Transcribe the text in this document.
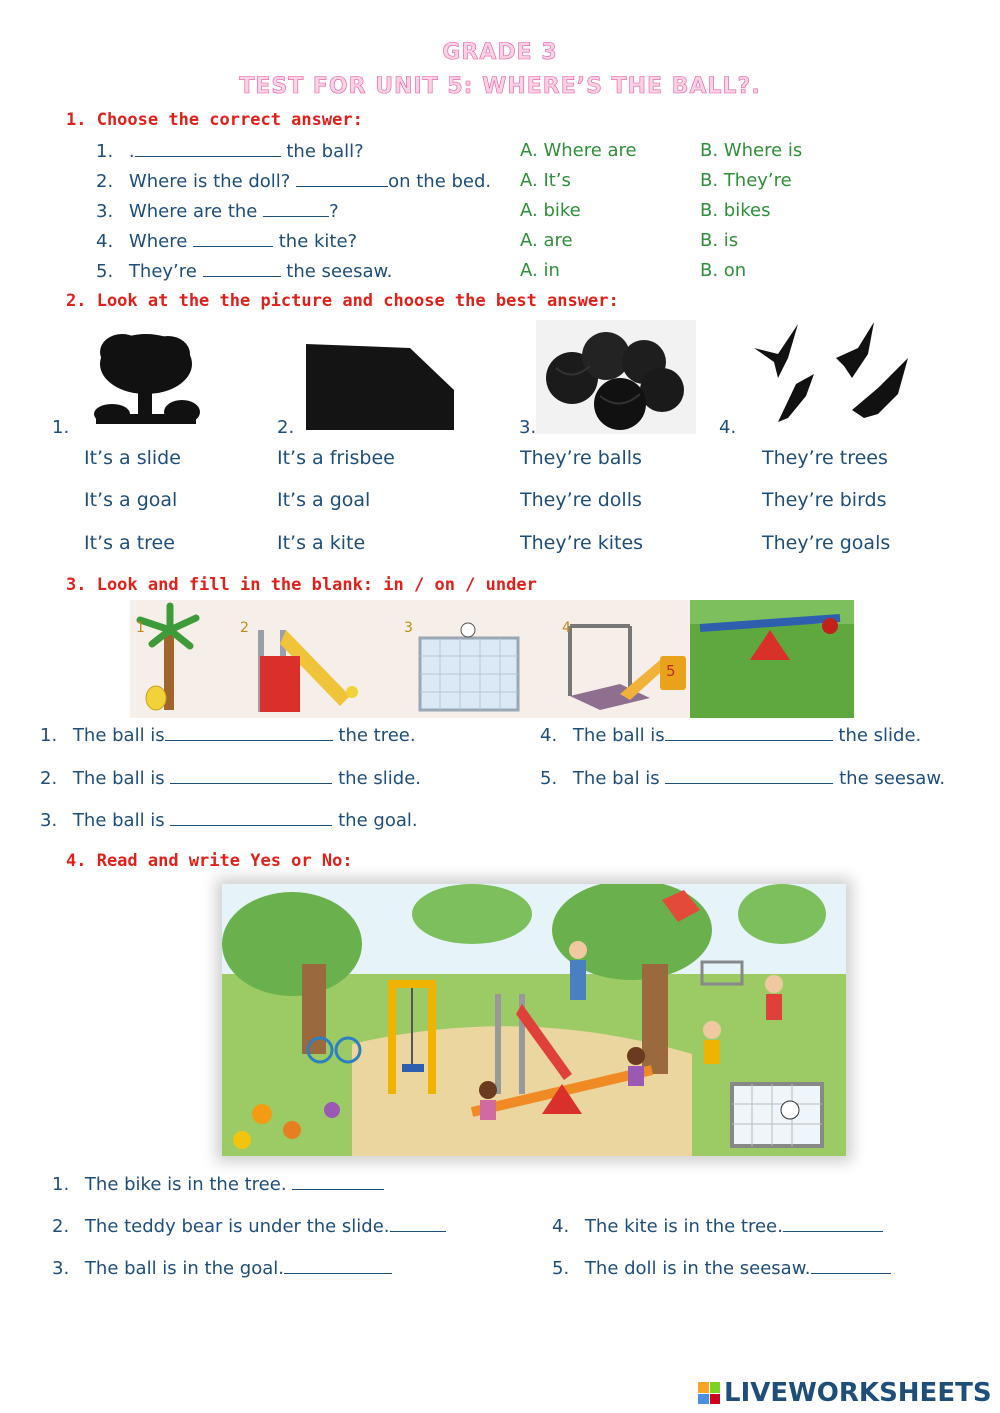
GRADE 3
TEST FOR UNIT 5: WHERE’S THE BALL?.
1. Choose the correct answer:
1. .	the ball?
2. Where is the doll?	on the bed.
3. Where are the	?
4. Where	the kite?
5. They’re	the seesaw.
A. Where are	B. Where is
A. It’s	B. They’re
A. bike	B. bikes
A. are	B. is
A. in	B. on
2. Look at the the picture and choose the best answer:
1.	2.	3.	4.
It’s a slide
It’s a goal
It’s a tree
It’s a frisbee
It’s a goal
It’s a kite
They’re balls
They’re dolls
They’re kites
They’re trees
They’re birds
They’re goals
3. Look and fill in the blank: in / on / under
1	2	3	4
5
1. The ball is	the tree.
2. The ball is	the slide.
3. The ball is	the goal.
4. The ball is	the slide.
5. The bal is	the seesaw.
4. Read and write Yes or No:
1. The bike is in the tree.
2. The teddy bear is under the slide.
3. The ball is in the goal.
4. The kite is in the tree.
5. The doll is in the seesaw.
LIVEWORKSHEETS
